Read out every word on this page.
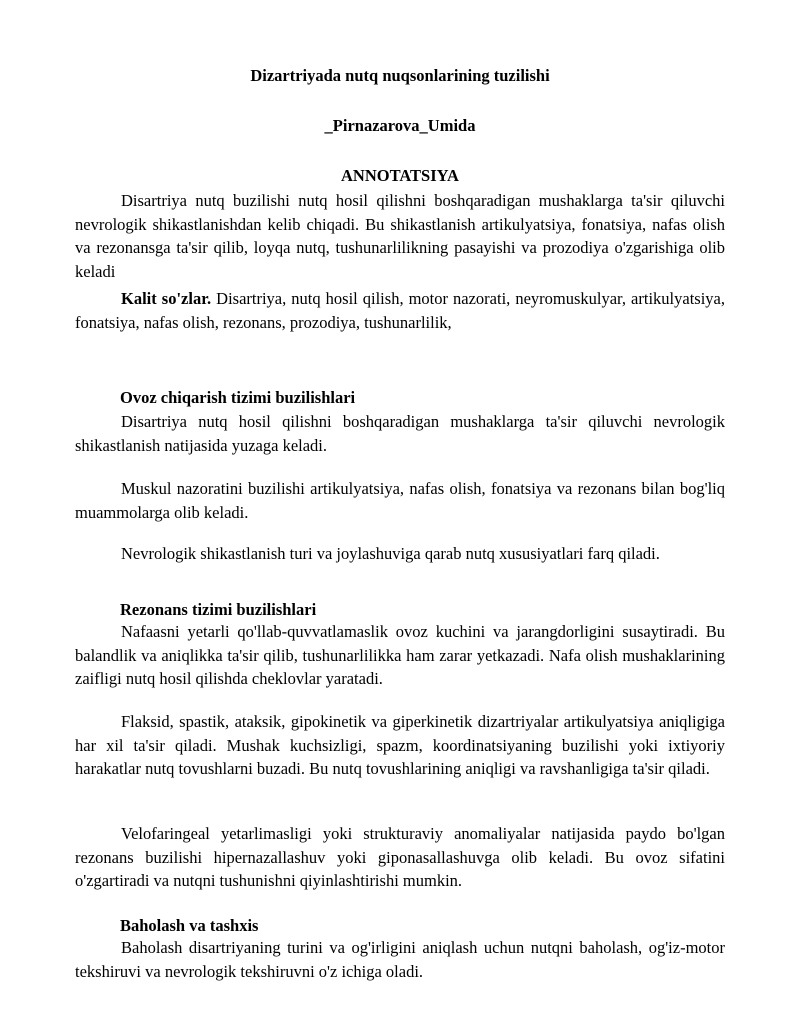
Dizartriyada nutq nuqsonlarining tuzilishi

_Pirnazarova_Umida

ANNOTATSIYA

Disartriya nutq buzilishi nutq hosil qilishni boshqaradigan mushaklarga ta'sir qiluvchi nevrologik shikastlanishdan kelib chiqadi. Bu shikastlanish artikulyatsiya, fonatsiya, nafas olish va rezonansga ta'sir qilib, loyqa nutq, tushunarlilikning pasayishi va prozodiya o'zgarishiga olib keladi

Kalit so'zlar. Disartriya, nutq hosil qilish, motor nazorati, neyromuskulyar, artikulyatsiya, fonatsiya, nafas olish, rezonans, prozodiya, tushunarlilik,

Ovoz chiqarish tizimi buzilishlari

Disartriya nutq hosil qilishni boshqaradigan mushaklarga ta'sir qiluvchi nevrologik shikastlanish natijasida yuzaga keladi.

Muskul nazoratini buzilishi artikulyatsiya, nafas olish, fonatsiya va rezonans bilan bog'liq muammolarga olib keladi.

Nevrologik shikastlanish turi va joylashuviga qarab nutq xususiyatlari farq qiladi.

Rezonans tizimi buzilishlari

Nafaasni yetarli qo'llab-quvvatlamaslik ovoz kuchini va jarangdorligini susaytiradi. Bu balandlik va aniqlikka ta'sir qilib, tushunarlilikka ham zarar yetkazadi. Nafa olish mushaklarining zaifligi nutq hosil qilishda cheklovlar yaratadi.

Flaksid, spastik, ataksik, gipokinetik va giperkinetik dizartriyalar artikulyatsiya aniqligiga har xil ta'sir qiladi. Mushak kuchsizligi, spazm, koordinatsiyaning buzilishi yoki ixtiyoriy harakatlar nutq tovushlarni buzadi. Bu nutq tovushlarining aniqligi va ravshanligiga ta'sir qiladi.

Velofaringeal yetarlimasligi yoki strukturaviy anomaliyalar natijasida paydo bo'lgan rezonans buzilishi hipernazallashuv yoki giponasallashuvga olib keladi. Bu ovoz sifatini o'zgartiradi va nutqni tushunishni qiyinlashtirishi mumkin.

Baholash va tashxis

Baholash disartriyaning turini va og'irligini aniqlash uchun nutqni baholash, og'iz-motor tekshiruvi va nevrologik tekshiruvni o'z ichiga oladi.
